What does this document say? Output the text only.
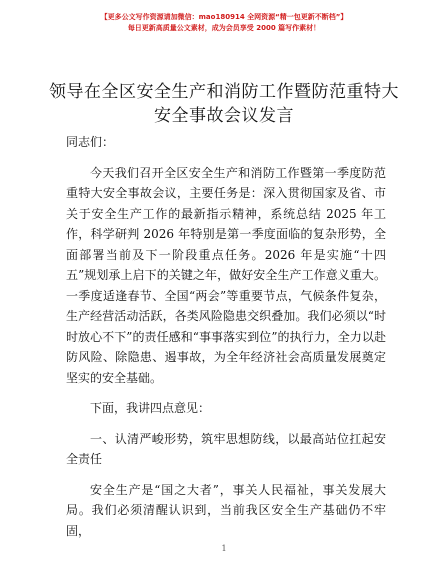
【更多公文写作资源请加微信：mao180914 全网资源“精一包更新不断档”】
每日更新高质量公文素材，成为会员享受 2000 篇写作素材！
领导在全区安全生产和消防工作暨防范重特大
安全事故会议发言

同志们：

今天我们召开全区安全生产和消防工作暨第一季度防范重特大安全事故会议，主要任务是：深入贯彻国家及省、市关于安全生产工作的最新指示精神，系统总结 2025 年工作，科学研判 2026 年特别是第一季度面临的复杂形势，全面部署当前及下一阶段重点任务。2026 年是实施“十四五”规划承上启下的关键之年，做好安全生产工作意义重大。一季度适逢春节、全国“两会”等重要节点，气候条件复杂，生产经营活动活跃，各类风险隐患交织叠加。我们必须以“时时放心不下”的责任感和“事事落实到位”的执行力，全力以赴防风险、除隐患、遏事故，为全年经济社会高质量发展奠定坚实的安全基础。

下面，我讲四点意见：

一、认清严峻形势，筑牢思想防线，以最高站位扛起安全责任

安全生产是“国之大者”，事关人民福祉，事关发展大局。我们必须清醒认识到，当前我区安全生产基础仍不牢固，

1
